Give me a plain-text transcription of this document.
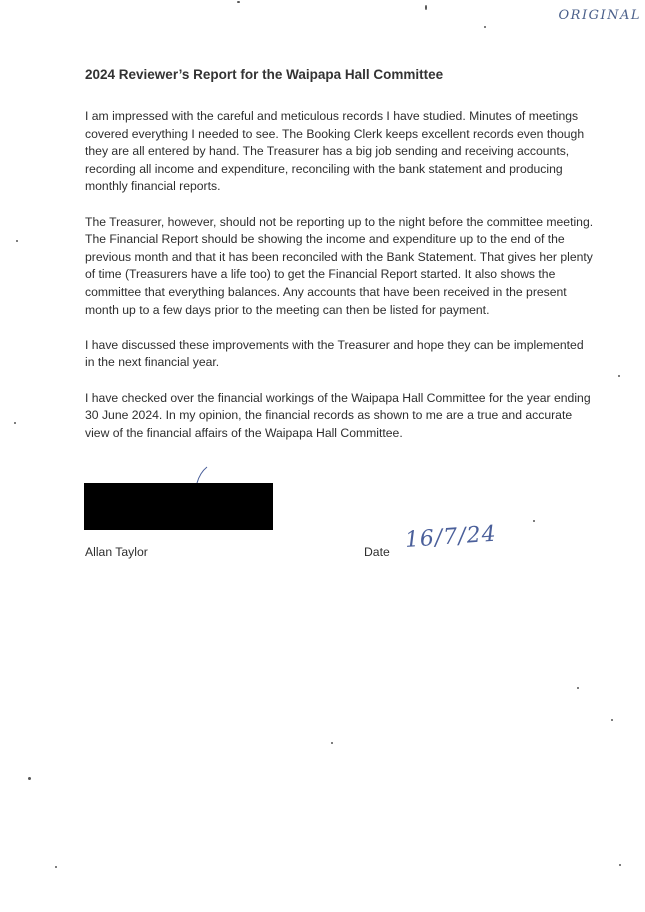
ORIGINAL
2024 Reviewer’s Report for the Waipapa Hall Committee

I am impressed with the careful and meticulous records I have studied. Minutes of meetings covered everything I needed to see. The Booking Clerk keeps excellent records even though they are all entered by hand. The Treasurer has a big job sending and receiving accounts, recording all income and expenditure, reconciling with the bank statement and producing monthly financial reports.

The Treasurer, however, should not be reporting up to the night before the committee meeting. The Financial Report should be showing the income and expenditure up to the end of the previous month and that it has been reconciled with the Bank Statement. That gives her plenty of time (Treasurers have a life too) to get the Financial Report started. It also shows the committee that everything balances. Any accounts that have been received in the present month up to a few days prior to the meeting can then be listed for payment.

I have discussed these improvements with the Treasurer and hope they can be implemented in the next financial year.

I have checked over the financial workings of the Waipapa Hall Committee for the year ending 30 June 2024. In my opinion, the financial records as shown to me are a true and accurate view of the financial affairs of the Waipapa Hall Committee.

Allan Taylor	Date 16/7/24
